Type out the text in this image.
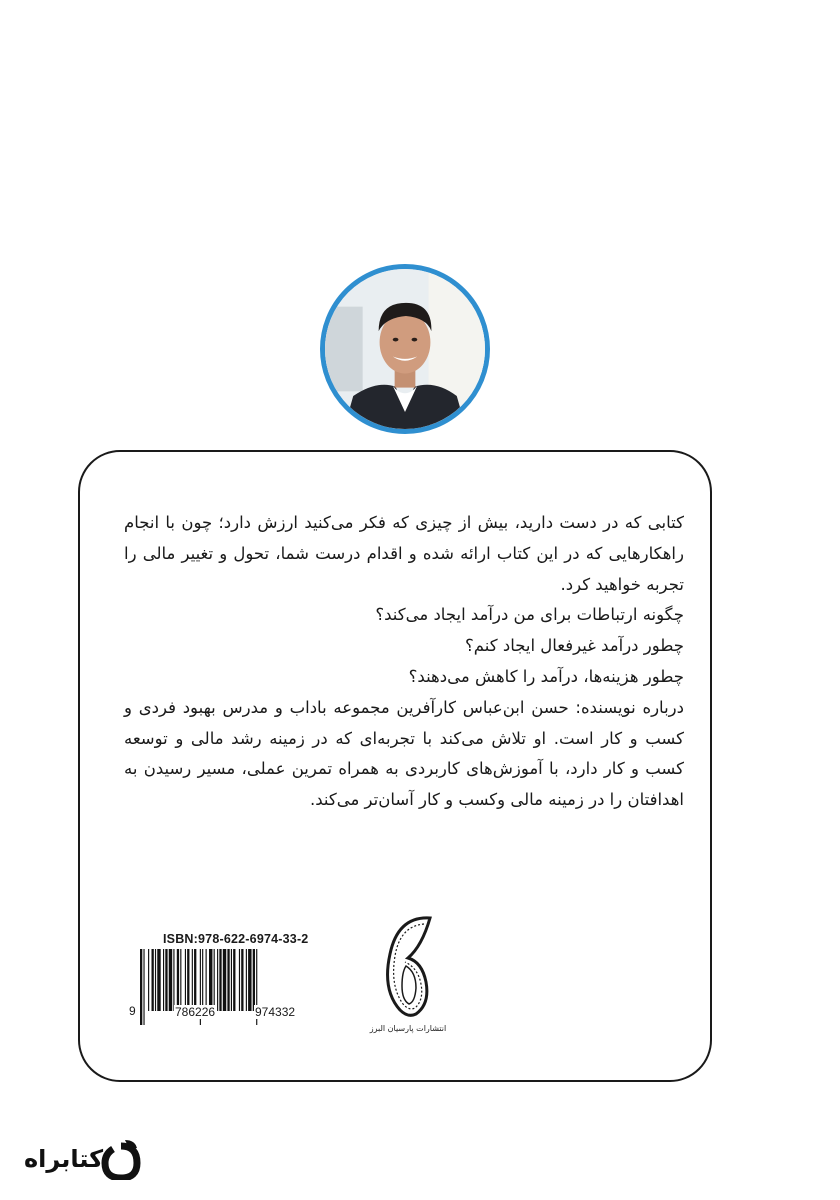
کتابی که در دست دارید، بیش از چیزی که فکر می‌کنید ارزش دارد؛ چون با انجام راهکارهایی که در این کتاب ارائه شده و اقدام درست شما، تحول و تغییر مالی را تجربه خواهید کرد.

چگونه ارتباطات برای من درآمد ایجاد می‌کند؟

چطور درآمد غیرفعال ایجاد کنم؟

چطور هزینه‌ها، درآمد را کاهش می‌دهند؟

درباره نویسنده: حسن ابن‌عباس کارآفرین مجموعه باداب و مدرس بهبود فردی و کسب و کار است. او تلاش می‌کند با تجربه‌ای که در زمینه رشد مالی و توسعه کسب و کار دارد، با آموزش‌های کاربردی به همراه تمرین عملی، مسیر رسیدن به اهدافتان را در زمینه مالی وکسب و کار آسان‌تر می‌کند.

ISBN:978-622-6974-33-2
9	786226	974332
انتشارات پارسیان البرز
کتابراه
